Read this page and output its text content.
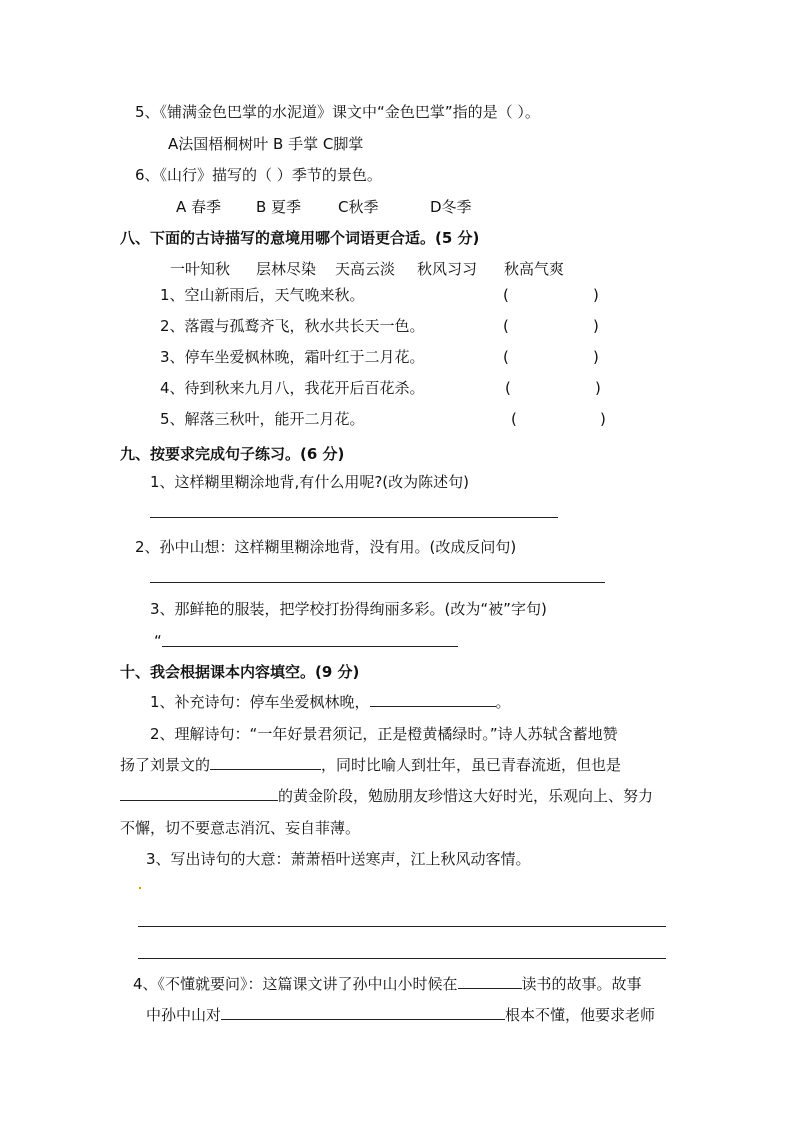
5、《铺满金色巴掌的水泥道》课文中“金色巴掌”指的是（ ）。
A法国梧桐树叶 B 手掌 C脚掌
6、《山行》描写的（ ）季节的景色。
A 春季 B 夏季 C秋季	D冬季
八、下面的古诗描写的意境用哪个词语更合适。(5 分)
一叶知秋 层林尽染 天高云淡 秋风习习 秋高气爽
1、空山新雨后，天气晚来秋。
2、落霞与孤鹜齐飞，秋水共长天一色。
3、停车坐爱枫林晚，霜叶红于二月花。
4、待到秋来九月八，我花开后百花杀。
5、解落三秋叶，能开二月花。
(	)
(	)
(	)
(	)
(	)
九、按要求完成句子练习。(6 分)
1、这样糊里糊涂地背,有什么用呢?(改为陈述句)
2、孙中山想：这样糊里糊涂地背，没有用。(改成反问句)
3、那鲜艳的服装，把学校打扮得绚丽多彩。(改为“被”字句)
“
十、我会根据课本内容填空。(9 分)
1、补充诗句：停车坐爱枫林晚，	。
2、理解诗句：“一年好景君须记，正是橙黄橘绿时。”诗人苏轼含蓄地赞
扬了刘景文的	，同时比喻人到壮年，虽已青春流逝，但也是
的黄金阶段，勉励朋友珍惜这大好时光，乐观向上、努力
不懈，切不要意志消沉、妄自菲薄。
3、写出诗句的大意：萧萧梧叶送寒声，江上秋风动客情。
4、《不懂就要问》：这篇课文讲了孙中山小时候在	读书的故事。故事
中孙中山对	根本不懂，他要求老师
